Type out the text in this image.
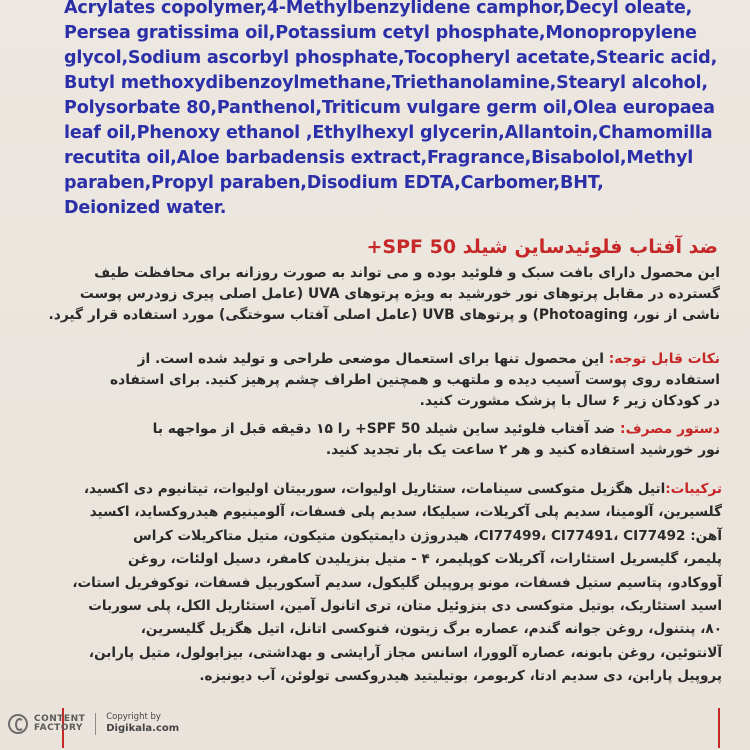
Acrylates copolymer,4-Methylbenzylidene camphor,Decyl oleate,
Persea gratissima oil,Potassium cetyl phosphate,Monopropylene
glycol,Sodium ascorbyl phosphate,Tocopheryl acetate,Stearic acid,
Butyl methoxydibenzoylmethane,Triethanolamine,Stearyl alcohol,
Polysorbate 80,Panthenol,Triticum vulgare germ oil,Olea europaea
leaf oil,Phenoxy ethanol ,Ethylhexyl glycerin,Allantoin,Chamomilla
recutita oil,Aloe barbadensis extract,Fragrance,Bisabolol,Methyl
paraben,Propyl paraben,Disodium EDTA,Carbomer,BHT,
Deionized water.
ضد آفتاب فلوئیدساین شیلد SPF 50+
این محصول دارای بافت سبک و فلوئید بوده و می تواند به صورت روزانه برای محافظت طیف
گسترده در مقابل پرتوهای نور خورشید به ویژه پرتوهای UVA (عامل اصلی پیری زودرس پوست
ناشی از نور، Photoaging) و پرتوهای UVB (عامل اصلی آفتاب سوختگی) مورد استفاده قرار گیرد.
نکات قابل توجه: این محصول تنها برای استعمال موضعی طراحی و تولید شده است. از
استفاده روی پوست آسیب دیده و ملتهب و همچنین اطراف چشم پرهیز کنید. برای استفاده
در کودکان زیر ۶ سال با پزشک مشورت کنید.
دستور مصرف: ضد آفتاب فلوئید ساین شیلد SPF 50+ را ۱۵ دقیقه قبل از مواجهه با
نور خورشید استفاده کنید و هر ۲ ساعت یک بار تجدید کنید.
ترکیبات:اتیل هگزیل متوکسی سینامات، ستئاریل اولیوات، سوربیتان اولیوات، تیتانیوم دی اکسید،
گلسیرین، آلومینا، سدیم پلی آکریلات، سیلیکا، سدیم پلی فسفات، آلومینیوم هیدروکساید، اکسید
آهن: CI77499، CI77491، CI77492، هیدروژن دایمتیکون متیکون، متیل متاکریلات کراس
پلیمر، گلیسریل استئارات، آکریلات کوپلیمر، ۴ - متیل بنزیلیدن کامفر، دسیل اولئات، روغن
آووکادو، پتاسیم ستیل فسفات، مونو پروپیلن گلیکول، سدیم آسکوربیل فسفات، توکوفریل استات،
اسید استئاریک، بوتیل متوکسی دی بنزوئیل متان، تری اتانول آمین، استئاریل الکل، پلی سوربات
۸۰، پنتنول، روغن جوانه گندم، عصاره برگ زیتون، فنوکسی اتانل، اتیل هگزیل گلیسرین،
آلانتوئین، روغن بابونه، عصاره آلوورا، اسانس مجاز آرایشی و بهداشتی، بیزابولول، متیل پارابن،
پروپیل پارابن، دی سدیم ادتا، کربومر، بوتیلیتید هیدروکسی تولوئن، آب دیونیزه.
CONTENT
FACTORY
Copyright by
Digikala.com
